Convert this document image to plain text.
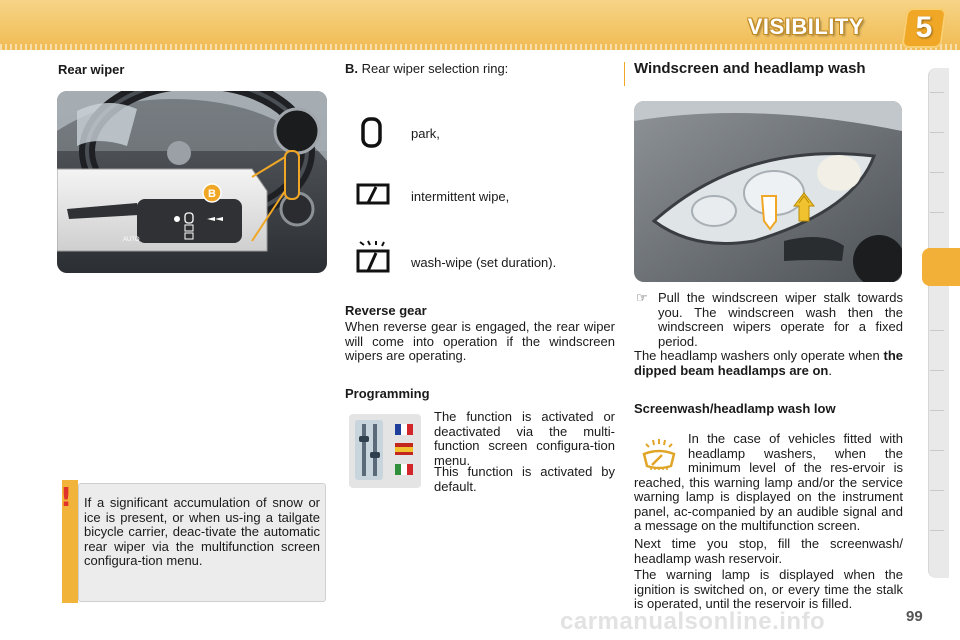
VISIBILITY	5
Rear wiper
AUTO
B
! If a significant accumulation of snow or ice is present, or when us-ing a tailgate bicycle carrier, deac-tivate the automatic rear wiper via the multifunction screen configura-tion menu.
B. Rear wiper selection ring:
park,
intermittent wipe,
wash-wipe (set duration).
Reverse gear
When reverse gear is engaged, the rear wiper will come into operation if the windscreen wipers are operating.
Programming
The function is activated or deactivated via the multi-function screen configura-tion menu.
This function is activated by default.
Windscreen and headlamp wash
☞ Pull the windscreen wiper stalk towards you. The windscreen wash then the windscreen wipers operate for a fixed period.
The headlamp washers only operate when the dipped beam headlamps are on.
Screenwash/headlamp wash low
In the case of vehicles fitted with headlamp washers, when the minimum level of the res-ervoir is reached, this warning lamp and/or the service warning lamp is displayed on the instrument panel, ac-companied by an audible signal and a message on the multifunction screen.
Next time you stop, fill the screenwash/ headlamp wash reservoir.
The warning lamp is displayed when the ignition is switched on, or every time the stalk is operated, until the reservoir is filled.
99
carmanualsonline.info
